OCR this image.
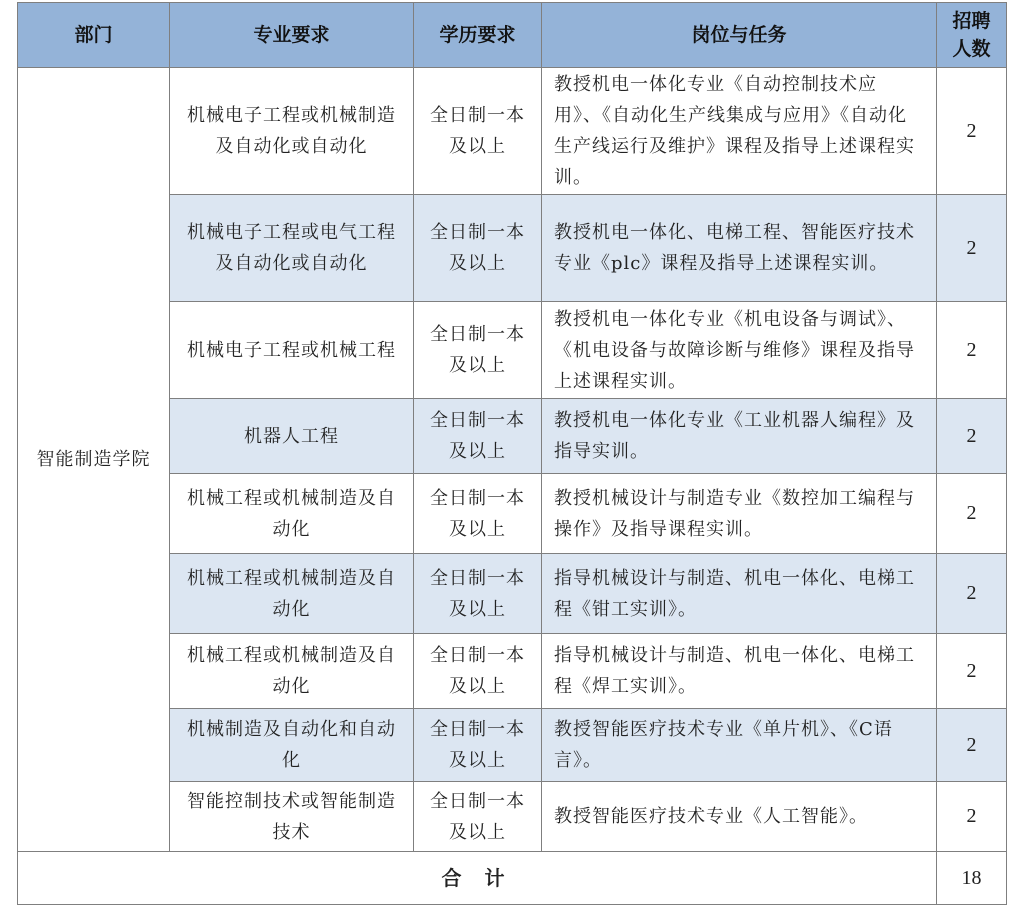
部门	专业要求	学历要求	岗位与任务	招聘人数
智能制造学院	机械电子工程或机械制造及自动化或自动化	全日制一本及以上	教授机电一体化专业《自动控制技术应用》、《自动化生产线集成与应用》《自动化生产线运行及维护》课程及指导上述课程实训。	2
	机械电子工程或电气工程及自动化或自动化	全日制一本及以上	教授机电一体化、电梯工程、智能医疗技术专业《plc》课程及指导上述课程实训。	2
	机械电子工程或机械工程	全日制一本及以上	教授机电一体化专业《机电设备与调试》、《机电设备与故障诊断与维修》课程及指导上述课程实训。	2
	机器人工程	全日制一本及以上	教授机电一体化专业《工业机器人编程》及指导实训。	2
	机械工程或机械制造及自动化	全日制一本及以上	教授机械设计与制造专业《数控加工编程与操作》及指导课程实训。	2
	机械工程或机械制造及自动化	全日制一本及以上	指导机械设计与制造、机电一体化、电梯工程《钳工实训》。	2
	机械工程或机械制造及自动化	全日制一本及以上	指导机械设计与制造、机电一体化、电梯工程《焊工实训》。	2
	机械制造及自动化和自动化	全日制一本及以上	教授智能医疗技术专业《单片机》、《C语言》。	2
	智能控制技术或智能制造技术	全日制一本及以上	教授智能医疗技术专业《人工智能》。	2
合 计				18
